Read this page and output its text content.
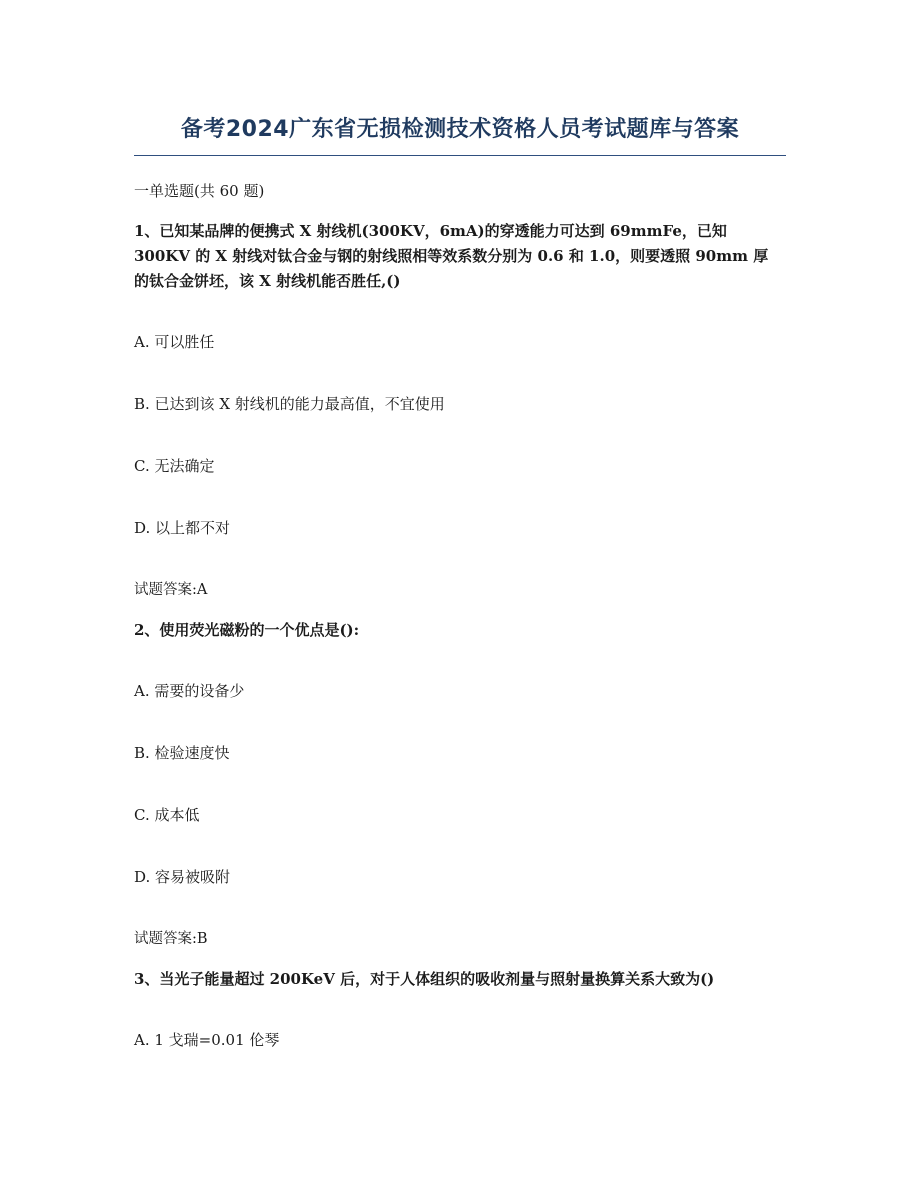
备考2024广东省无损检测技术资格人员考试题库与答案

一单选题(共 60 题)

1、已知某品牌的便携式 X 射线机(300KV，6mA)的穿透能力可达到 69mmFe，已知

300KV 的 X 射线对钛合金与钢的射线照相等效系数分别为 0.6 和 1.0，则要透照 90mm 厚

的钛合金饼坯，该 X 射线机能否胜任,()

A. 可以胜任

B. 已达到该 X 射线机的能力最高值，不宜使用

C. 无法确定

D. 以上都不对

试题答案:A

2、使用荧光磁粉的一个优点是():

A. 需要的设备少

B. 检验速度快

C. 成本低

D. 容易被吸附

试题答案:B

3、当光子能量超过 200KeV 后，对于人体组织的吸收剂量与照射量换算关系大致为()

A. 1 戈瑞=0.01 伦琴
